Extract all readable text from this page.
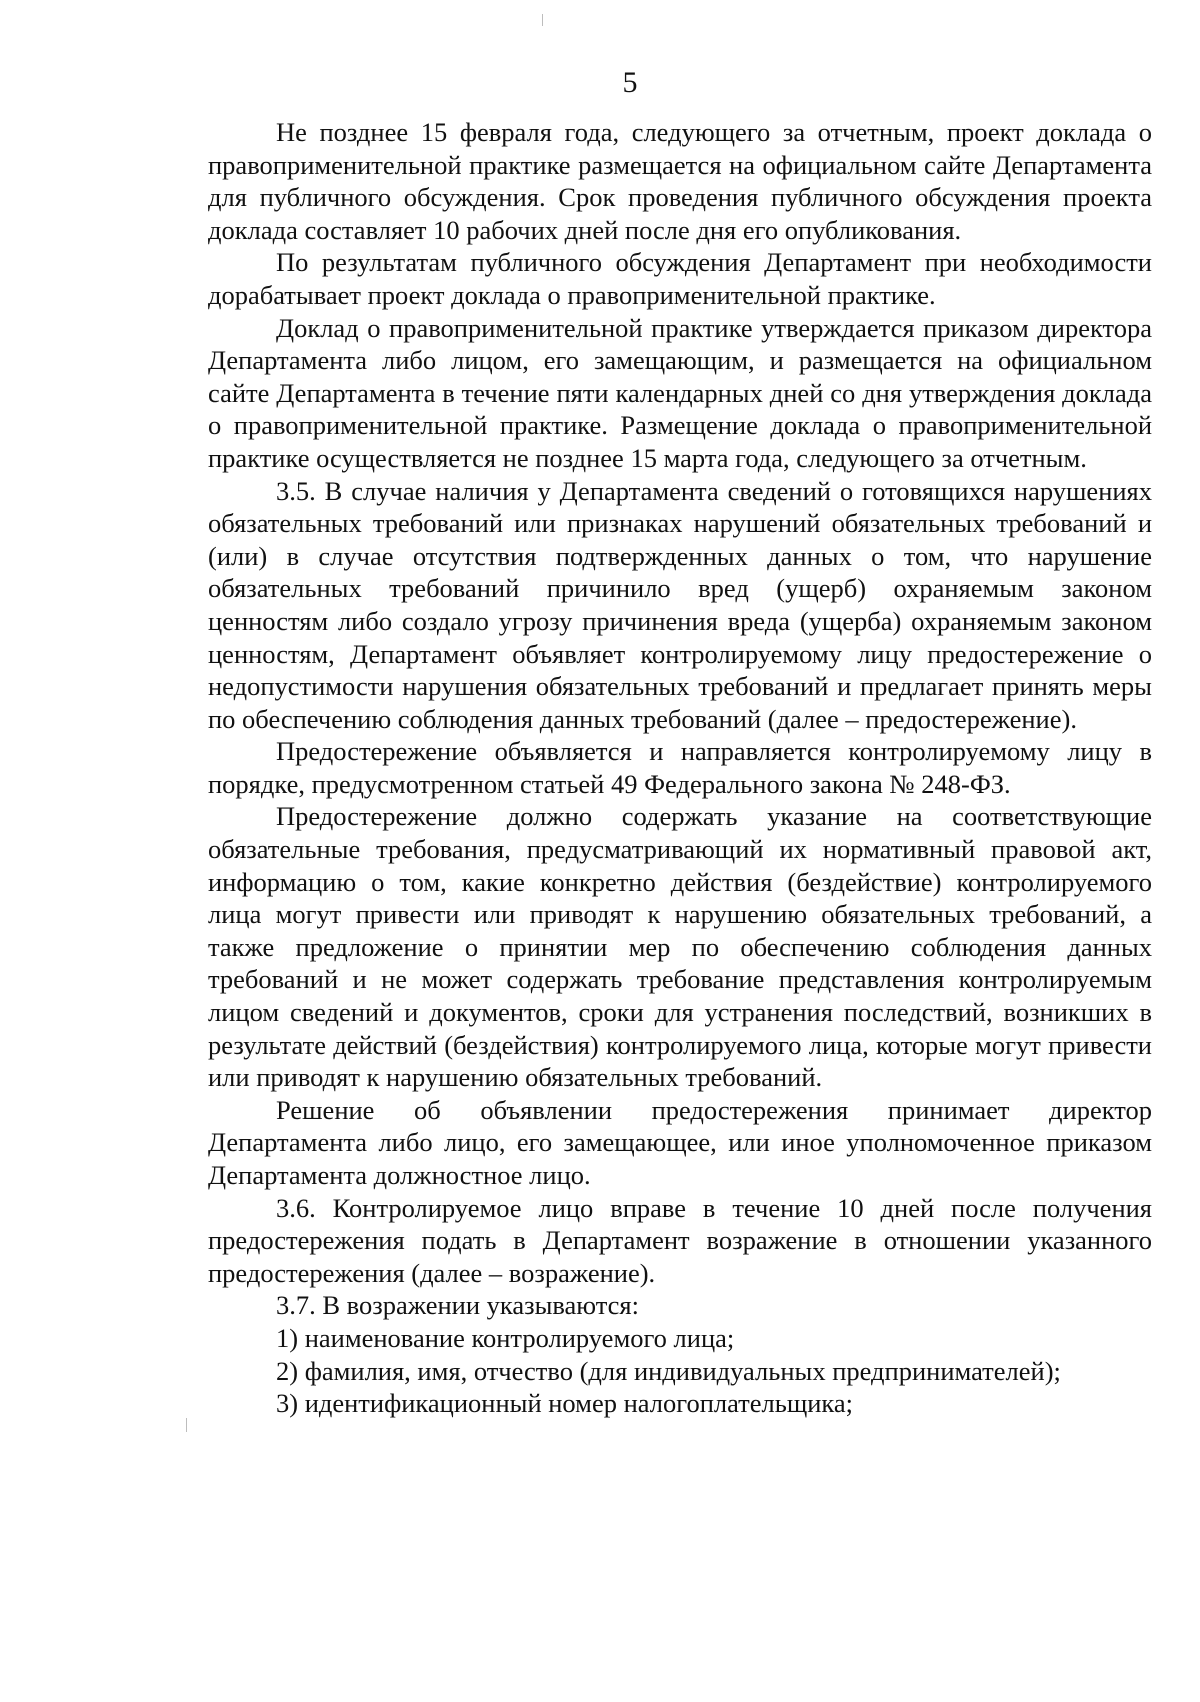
5

Не позднее 15 февраля года, следующего за отчетным, проект доклада о правоприменительной практике размещается на официальном сайте Департамента для публичного обсуждения. Срок проведения публичного обсуждения проекта доклада составляет 10 рабочих дней после дня его опубликования.

По результатам публичного обсуждения Департамент при необходимости дорабатывает проект доклада о правоприменительной практике.

Доклад о правоприменительной практике утверждается приказом директора Департамента либо лицом, его замещающим, и размещается на официальном сайте Департамента в течение пяти календарных дней со дня утверждения доклада о правоприменительной практике. Размещение доклада о правоприменительной практике осуществляется не позднее 15 марта года, следующего за отчетным.

3.5. В случае наличия у Департамента сведений о готовящихся нарушениях обязательных требований или признаках нарушений обязательных требований и (или) в случае отсутствия подтвержденных данных о том, что нарушение обязательных требований причинило вред (ущерб) охраняемым законом ценностям либо создало угрозу причинения вреда (ущерба) охраняемым законом ценностям, Департамент объявляет контролируемому лицу предостережение о недопустимости нарушения обязательных требований и предлагает принять меры по обеспечению соблюдения данных требований (далее – предостережение).

Предостережение объявляется и направляется контролируемому лицу в порядке, предусмотренном статьей 49 Федерального закона № 248-ФЗ.

Предостережение должно содержать указание на соответствующие обязательные требования, предусматривающий их нормативный правовой акт, информацию о том, какие конкретно действия (бездействие) контролируемого лица могут привести или приводят к нарушению обязательных требований, а также предложение о принятии мер по обеспечению соблюдения данных требований и не может содержать требование представления контролируемым лицом сведений и документов, сроки для устранения последствий, возникших в результате действий (бездействия) контролируемого лица, которые могут привести или приводят к нарушению обязательных требований.

Решение об объявлении предостережения принимает директор Департамента либо лицо, его замещающее, или иное уполномоченное приказом Департамента должностное лицо.

3.6. Контролируемое лицо вправе в течение 10 дней после получения предостережения подать в Департамент возражение в отношении указанного предостережения (далее – возражение).

3.7. В возражении указываются:

1) наименование контролируемого лица;

2) фамилия, имя, отчество (для индивидуальных предпринимателей);

3) идентификационный номер налогоплательщика;
